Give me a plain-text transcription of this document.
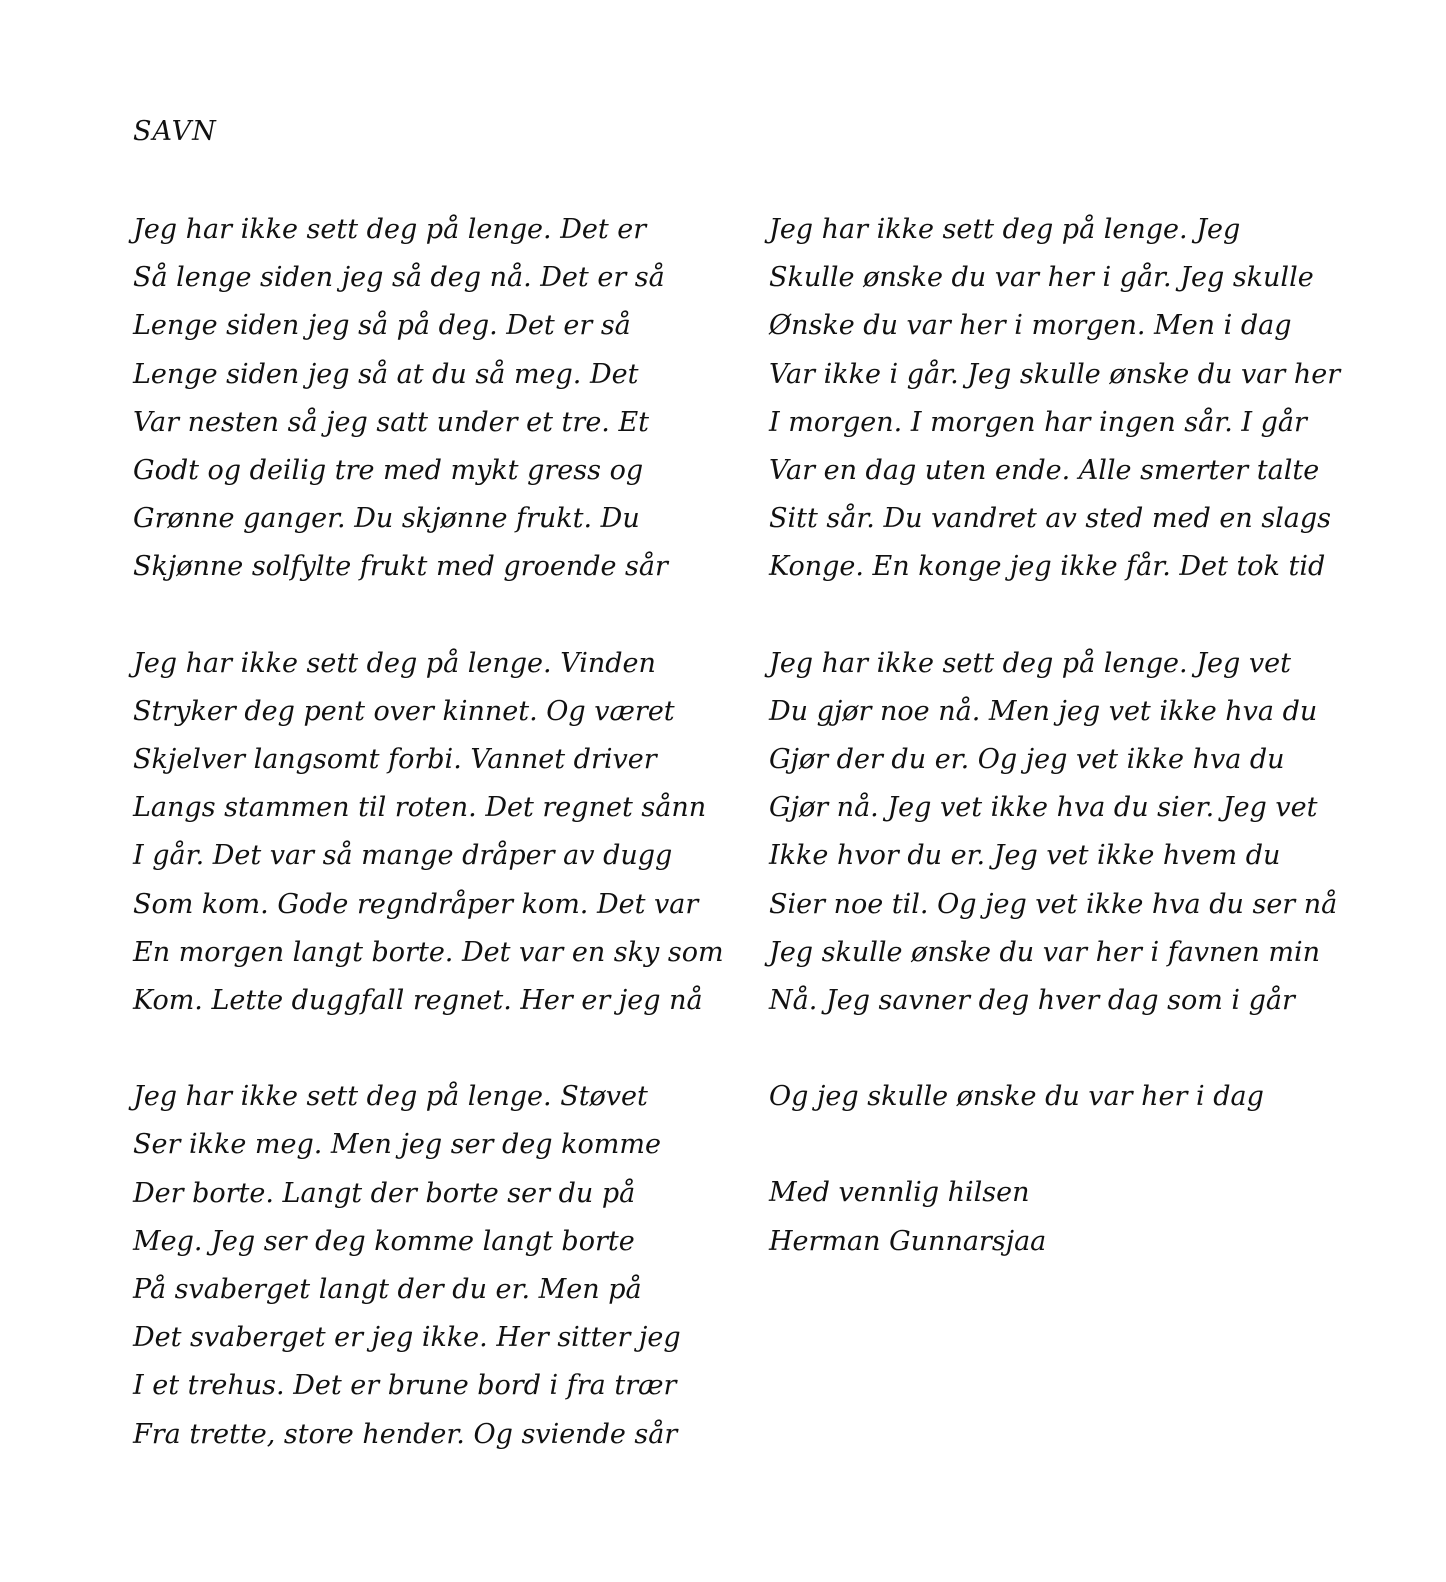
SAVN
Jeg har ikke sett deg på lenge. Det er
Så lenge siden jeg så deg nå. Det er så
Lenge siden jeg så på deg. Det er så
Lenge siden jeg så at du så meg. Det
Var nesten så jeg satt under et tre. Et
Godt og deilig tre med mykt gress og
Grønne ganger. Du skjønne frukt. Du
Skjønne solfylte frukt med groende sår
Jeg har ikke sett deg på lenge. Vinden
Stryker deg pent over kinnet. Og været
Skjelver langsomt forbi. Vannet driver
Langs stammen til roten. Det regnet sånn
I går. Det var så mange dråper av dugg
Som kom. Gode regndråper kom. Det var
En morgen langt borte. Det var en sky som
Kom. Lette duggfall regnet. Her er jeg nå
Jeg har ikke sett deg på lenge. Støvet
Ser ikke meg. Men jeg ser deg komme
Der borte. Langt der borte ser du på
Meg. Jeg ser deg komme langt borte
På svaberget langt der du er. Men på
Det svaberget er jeg ikke. Her sitter jeg
I et trehus. Det er brune bord i fra trær
Fra trette, store hender. Og sviende sår
Jeg har ikke sett deg på lenge. Jeg
Skulle ønske du var her i går. Jeg skulle
Ønske du var her i morgen. Men i dag
Var ikke i går. Jeg skulle ønske du var her
I morgen. I morgen har ingen sår. I går
Var en dag uten ende. Alle smerter talte
Sitt sår. Du vandret av sted med en slags
Konge. En konge jeg ikke får. Det tok tid
Jeg har ikke sett deg på lenge. Jeg vet
Du gjør noe nå. Men jeg vet ikke hva du
Gjør der du er. Og jeg vet ikke hva du
Gjør nå. Jeg vet ikke hva du sier. Jeg vet
Ikke hvor du er. Jeg vet ikke hvem du
Sier noe til. Og jeg vet ikke hva du ser nå
Jeg skulle ønske du var her i favnen min
Nå. Jeg savner deg hver dag som i går
Og jeg skulle ønske du var her i dag
Med vennlig hilsen
Herman Gunnarsjaa
